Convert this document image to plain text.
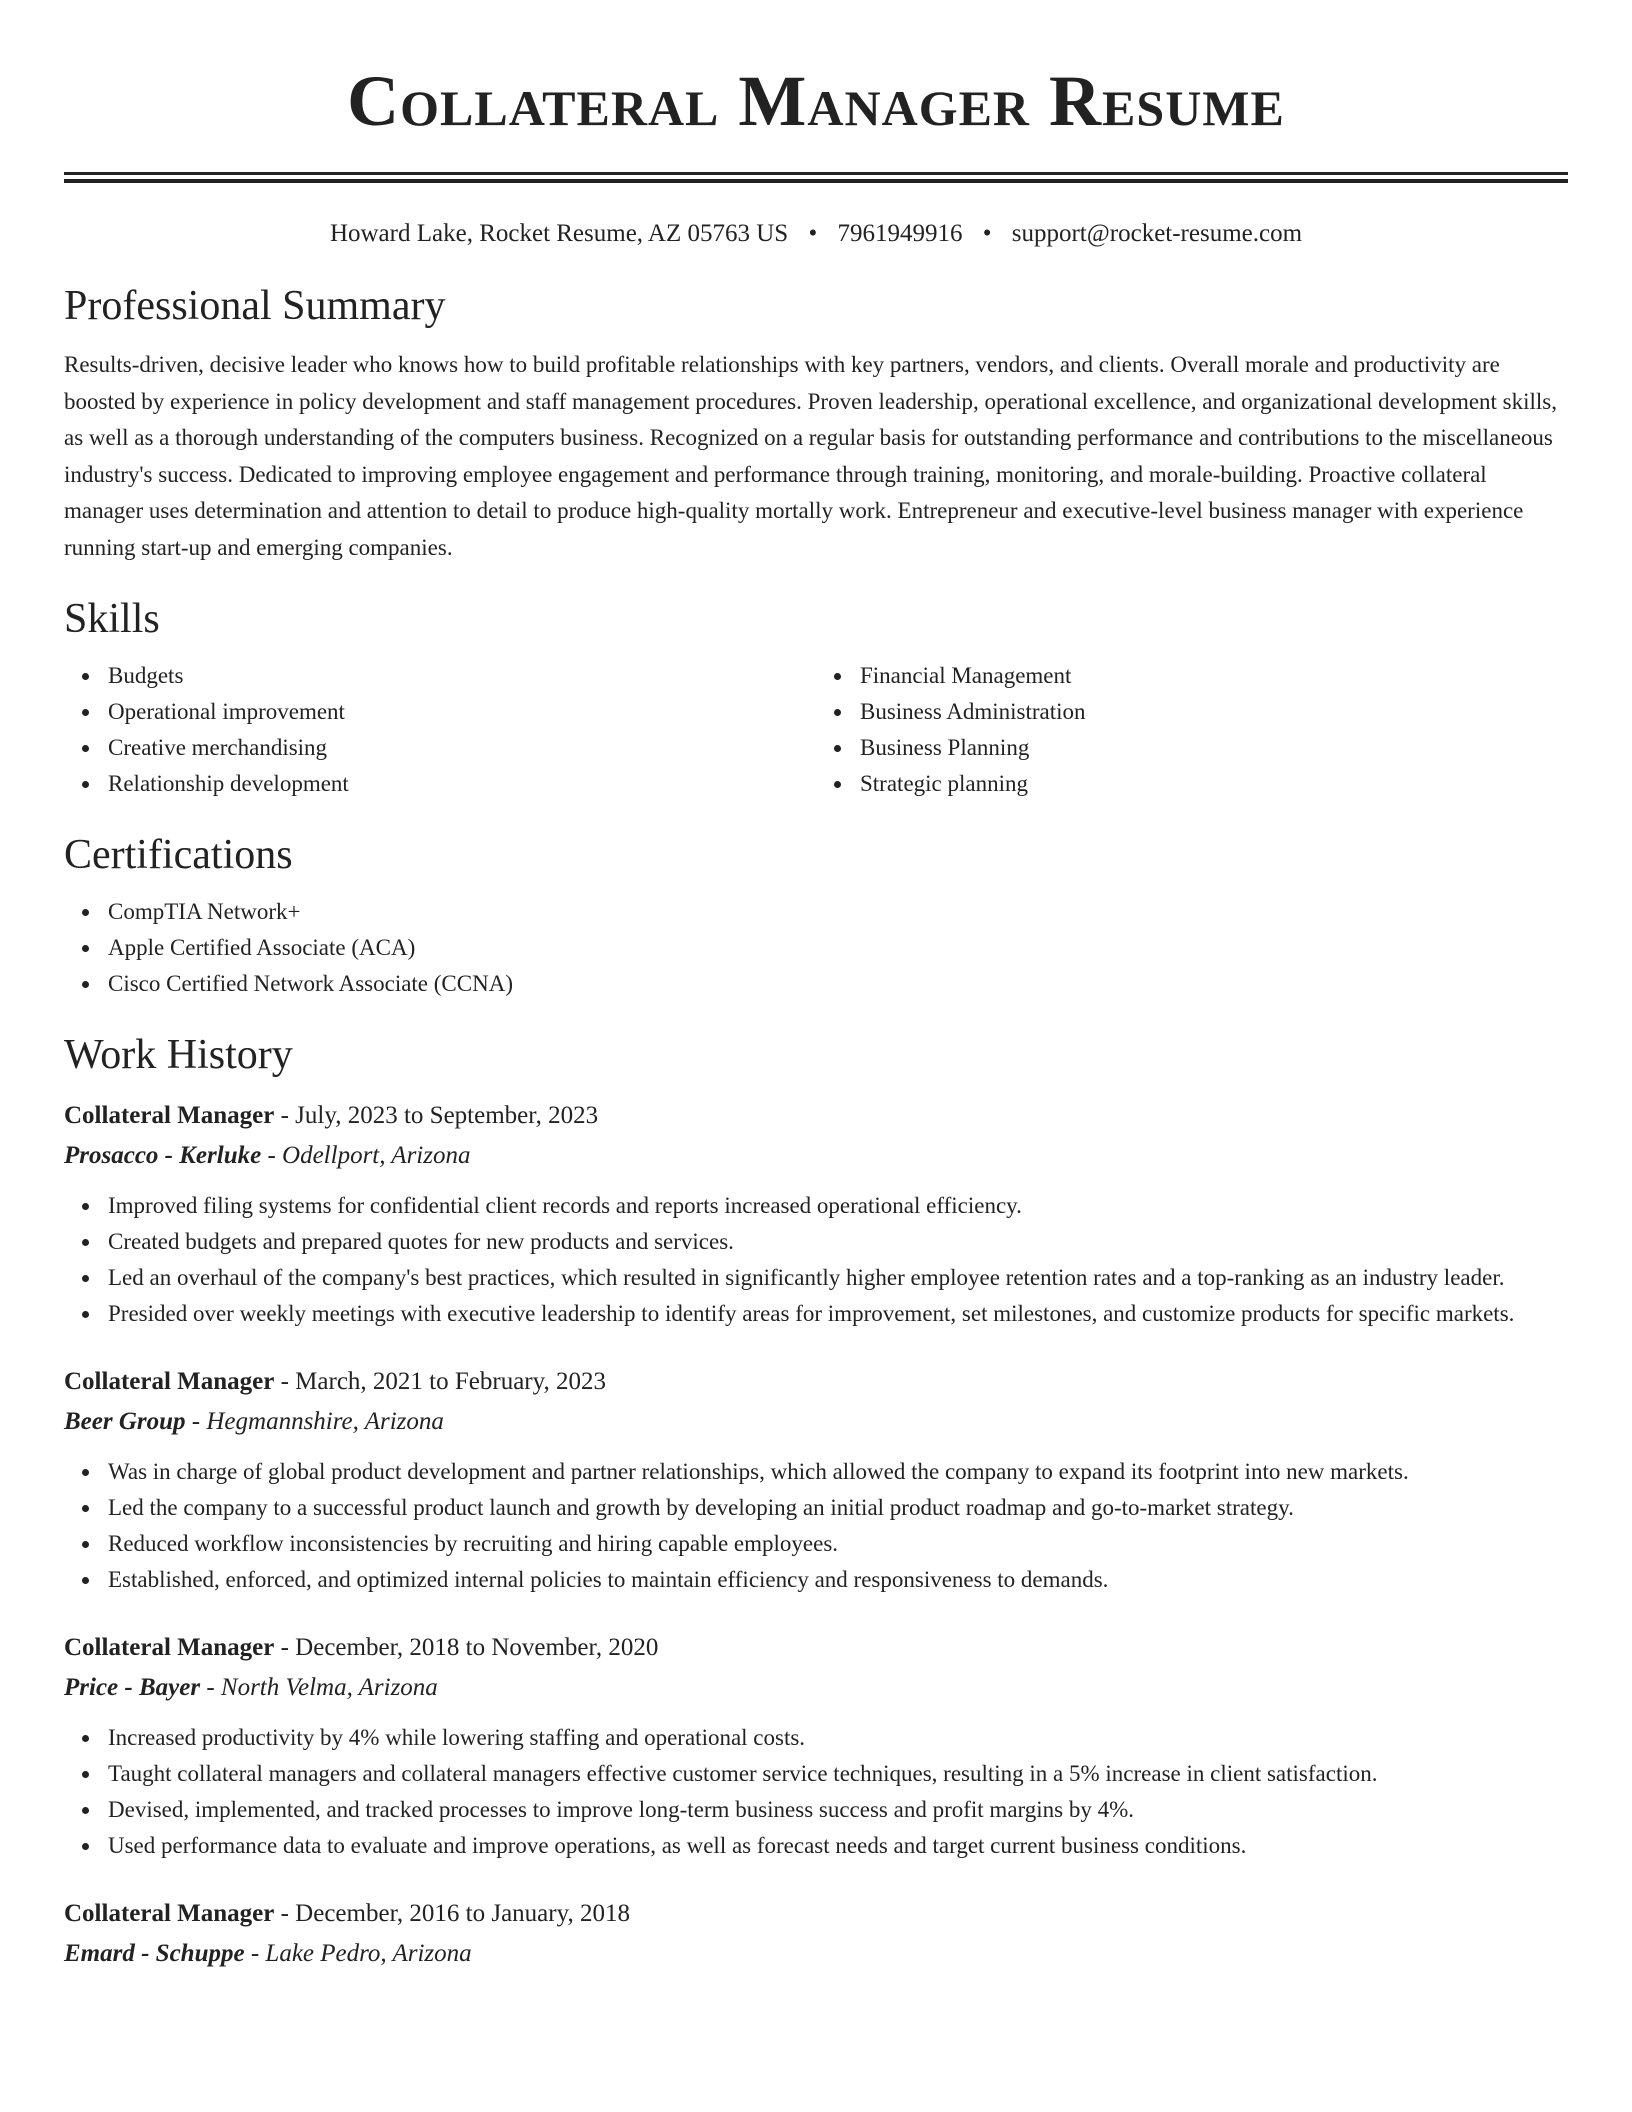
Collateral Manager Resume
Howard Lake, Rocket Resume, AZ 05763 US • 7961949916 • support@rocket-resume.com
Professional Summary

Results-driven, decisive leader who knows how to build profitable relationships with key partners, vendors, and clients. Overall morale and productivity are boosted by experience in policy development and staff management procedures. Proven leadership, operational excellence, and organizational development skills, as well as a thorough understanding of the computers business. Recognized on a regular basis for outstanding performance and contributions to the miscellaneous industry's success. Dedicated to improving employee engagement and performance through training, monitoring, and morale-building. Proactive collateral manager uses determination and attention to detail to produce high-quality mortally work. Entrepreneur and executive-level business manager with experience running start-up and emerging companies.

Skills
Budgets
Operational improvement
Creative merchandising
Relationship development
Financial Management
Business Administration
Business Planning
Strategic planning
Certifications
CompTIA Network+
Apple Certified Associate (ACA)
Cisco Certified Network Associate (CCNA)
Work History
Collateral Manager - July, 2023 to September, 2023
Prosacco - Kerluke - Odellport, Arizona
Improved filing systems for confidential client records and reports increased operational efficiency.
Created budgets and prepared quotes for new products and services.
Led an overhaul of the company's best practices, which resulted in significantly higher employee retention rates and a top-ranking as an industry leader.
Presided over weekly meetings with executive leadership to identify areas for improvement, set milestones, and customize products for specific markets.
Collateral Manager - March, 2021 to February, 2023
Beer Group - Hegmannshire, Arizona
Was in charge of global product development and partner relationships, which allowed the company to expand its footprint into new markets.
Led the company to a successful product launch and growth by developing an initial product roadmap and go-to-market strategy.
Reduced workflow inconsistencies by recruiting and hiring capable employees.
Established, enforced, and optimized internal policies to maintain efficiency and responsiveness to demands.
Collateral Manager - December, 2018 to November, 2020
Price - Bayer - North Velma, Arizona
Increased productivity by 4% while lowering staffing and operational costs.
Taught collateral managers and collateral managers effective customer service techniques, resulting in a 5% increase in client satisfaction.
Devised, implemented, and tracked processes to improve long-term business success and profit margins by 4%.
Used performance data to evaluate and improve operations, as well as forecast needs and target current business conditions.
Collateral Manager - December, 2016 to January, 2018
Emard - Schuppe - Lake Pedro, Arizona
